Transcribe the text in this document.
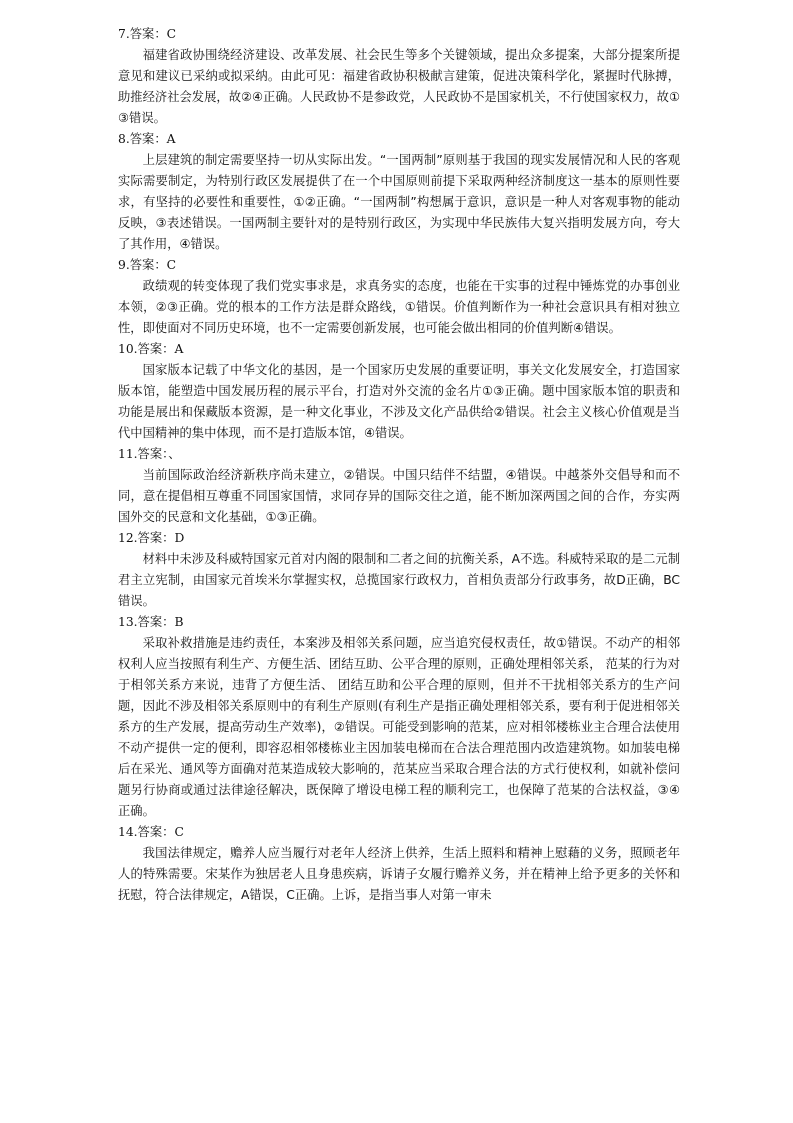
7.答案：C

福建省政协围绕经济建设、改革发展、社会民生等多个关键领域，提出众多提案，大部分提案所提意见和建议已采纳或拟采纳。由此可见：福建省政协积极献言建策，促进决策科学化，紧握时代脉搏，助推经济社会发展，故②④正确。人民政协不是参政党，人民政协不是国家机关，不行使国家权力，故①③错误。

8.答案：A

上层建筑的制定需要坚持一切从实际出发。“一国两制”原则基于我国的现实发展情况和人民的客观实际需要制定，为特别行政区发展提供了在一个中国原则前提下采取两种经济制度这一基本的原则性要求，有坚持的必要性和重要性，①②正确。“一国两制”构想属于意识，意识是一种人对客观事物的能动反映，③表述错误。一国两制主要针对的是特别行政区，为实现中华民族伟大复兴指明发展方向，夸大了其作用，④错误。

9.答案：C

政绩观的转变体现了我们党实事求是，求真务实的态度，也能在干实事的过程中锤炼党的办事创业本领，②③正确。党的根本的工作方法是群众路线，①错误。价值判断作为一种社会意识具有相对独立性，即使面对不同历史环境，也不一定需要创新发展，也可能会做出相同的价值判断④错误。

10.答案：A

国家版本记载了中华文化的基因，是一个国家历史发展的重要证明，事关文化发展安全，打造国家版本馆，能塑造中国发展历程的展示平台，打造对外交流的金名片①③正确。题中国家版本馆的职责和功能是展出和保藏版本资源，是一种文化事业，不涉及文化产品供给②错误。社会主义核心价值观是当代中国精神的集中体现，而不是打造版本馆，④错误。

11.答案：、

当前国际政治经济新秩序尚未建立，②错误。中国只结伴不结盟，④错误。中越茶外交倡导和而不同，意在提倡相互尊重不同国家国情，求同存异的国际交往之道，能不断加深两国之间的合作，夯实两国外交的民意和文化基础，①③正确。

12.答案：D

材料中未涉及科威特国家元首对内阁的限制和二者之间的抗衡关系，A不选。科威特采取的是二元制君主立宪制，由国家元首埃米尔掌握实权，总揽国家行政权力，首相负责部分行政事务，故D正确，BC错误。

13.答案：B

采取补救措施是违约责任，本案涉及相邻关系问题，应当追究侵权责任，故①错误。不动产的相邻权利人应当按照有利生产、方便生活、团结互助、公平合理的原则，正确处理相邻关系， 范某的行为对于相邻关系方来说，违背了方便生活、 团结互助和公平合理的原则，但并不干扰相邻关系方的生产问题，因此不涉及相邻关系原则中的有利生产原则(有利生产是指正确处理相邻关系，要有利于促进相邻关系方的生产发展，提高劳动生产效率)，②错误。可能受到影响的范某，应对相邻楼栋业主合理合法使用不动产提供一定的便利，即容忍相邻楼栋业主因加装电梯而在合法合理范围内改造建筑物。如加装电梯后在采光、通风等方面确对范某造成较大影响的，范某应当采取合理合法的方式行使权利，如就补偿问题另行协商或通过法律途径解决，既保障了增设电梯工程的顺利完工，也保障了范某的合法权益，③④正确。

14.答案：C

我国法律规定，赡养人应当履行对老年人经济上供养，生活上照料和精神上慰藉的义务，照顾老年人的特殊需要。宋某作为独居老人且身患疾病，诉请子女履行赡养义务，并在精神上给予更多的关怀和抚慰，符合法律规定，A错误，C正确。上诉，是指当事人对第一审未
